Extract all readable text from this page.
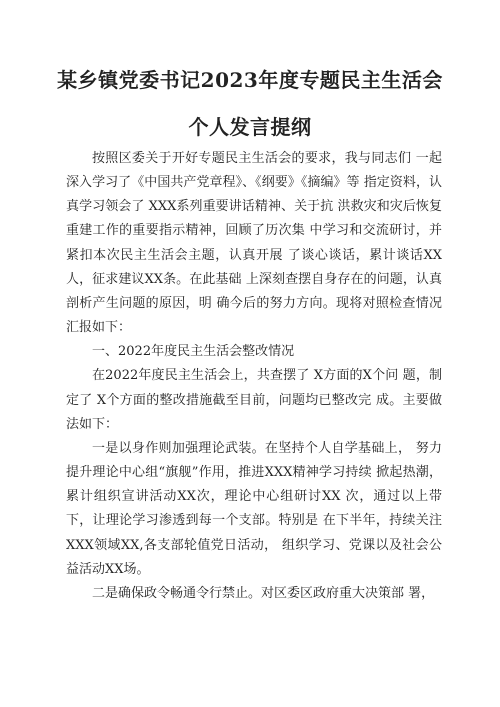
某乡镇党委书记2023年度专题民主生活会
个人发言提纲

按照区委关于开好专题民主生活会的要求，我与同志们 一起深入学习了《中国共产党章程》、《纲要》《摘编》等 指定资料，认真学习领会了 XXX系列重要讲话精神、关于抗 洪救灾和灾后恢复重建工作的重要指示精神，回顾了历次集 中学习和交流研讨，并紧扣本次民主生活会主题，认真开展 了谈心谈话，累计谈话XX人，征求建议XX条。在此基础 上深刻查摆自身存在的问题，认真剖析产生问题的原因，明 确今后的努力方向。现将对照检查情况汇报如下：

一、2022年度民主生活会整改情况

在2022年度民主生活会上，共查摆了 X方面的X个问 题，制定了 X个方面的整改措施截至目前，问题均已整改完 成。主要做法如下：

一是以身作则加强理论武装。在坚持个人自学基础上， 努力提升理论中心组“旗舰”作用，推进XXX精神学习持续 掀起热潮，累计组织宣讲活动XX次，理论中心组研讨XX 次，通过以上带下，让理论学习渗透到每一个支部。特别是 在下半年，持续关注XXX领域XX,各支部轮值党日活动， 组织学习、党课以及社会公益活动XX场。

二是确保政令畅通令行禁止。对区委区政府重大决策部 署，
